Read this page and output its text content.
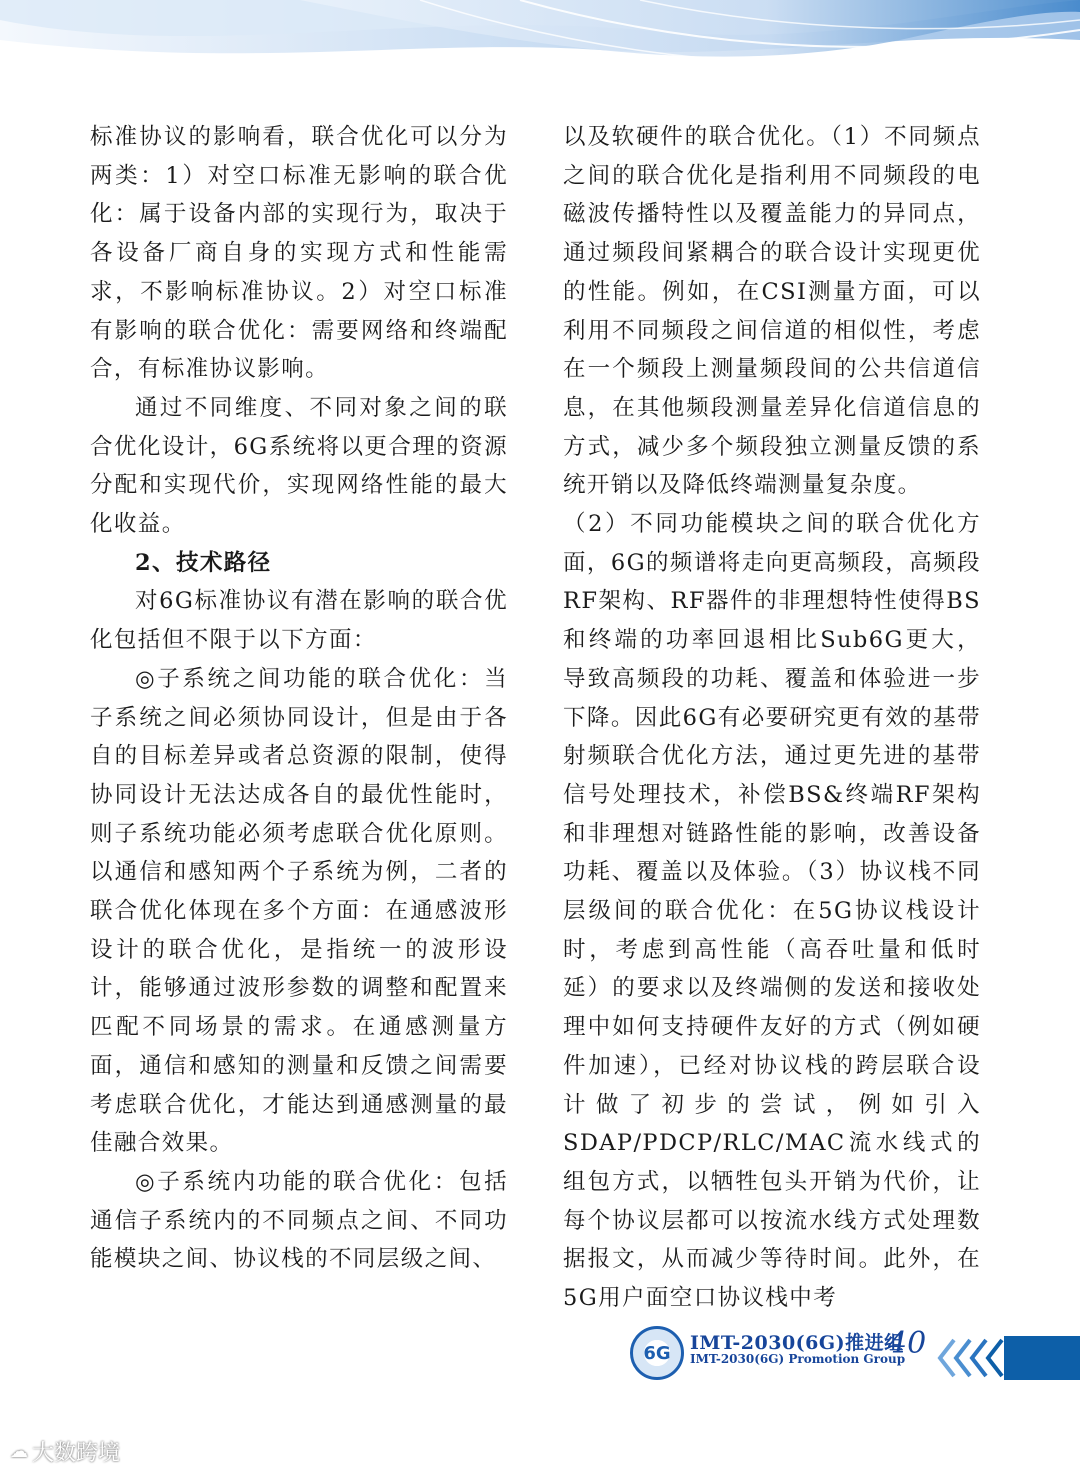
标准协议的影响看，联合优化可以分为两类：1）对空口标准无影响的联合优化：属于设备内部的实现行为，取决于各设备厂商自身的实现方式和性能需求，不影响标准协议。2）对空口标准有影响的联合优化：需要网络和终端配合，有标准协议影响。

通过不同维度、不同对象之间的联合优化设计，6G系统将以更合理的资源分配和实现代价，实现网络性能的最大化收益。

2、技术路径

对6G标准协议有潜在影响的联合优化包括但不限于以下方面：

◎子系统之间功能的联合优化：当子系统之间必须协同设计，但是由于各自的目标差异或者总资源的限制，使得协同设计无法达成各自的最优性能时，则子系统功能必须考虑联合优化原则。以通信和感知两个子系统为例，二者的联合优化体现在多个方面：在通感波形设计的联合优化，是指统一的波形设计，能够通过波形参数的调整和配置来匹配不同场景的需求。在通感测量方面，通信和感知的测量和反馈之间需要考虑联合优化，才能达到通感测量的最佳融合效果。

◎子系统内功能的联合优化：包括通信子系统内的不同频点之间、不同功能模块之间、协议栈的不同层级之间、

以及软硬件的联合优化。（1）不同频点之间的联合优化是指利用不同频段的电磁波传播特性以及覆盖能力的异同点，通过频段间紧耦合的联合设计实现更优的性能。例如，在CSI测量方面，可以利用不同频段之间信道的相似性，考虑在一个频段上测量频段间的公共信道信息，在其他频段测量差异化信道信息的方式，减少多个频段独立测量反馈的系统开销以及降低终端测量复杂度。

（2）不同功能模块之间的联合优化方面，6G的频谱将走向更高频段，高频段RF架构、RF器件的非理想特性使得BS和终端的功率回退相比Sub6G更大，导致高频段的功耗、覆盖和体验进一步下降。因此6G有必要研究更有效的基带射频联合优化方法，通过更先进的基带信号处理技术，补偿BS&终端RF架构和非理想对链路性能的影响，改善设备功耗、覆盖以及体验。（3）协议栈不同层级间的联合优化：在5G协议栈设计时，考虑到高性能（高吞吐量和低时延）的要求以及终端侧的发送和接收处理中如何支持硬件友好的方式（例如硬件加速），已经对协议栈的跨层联合设计做了初步的尝试，例如引入SDAP/PDCP/RLC/MAC流水线式的组包方式，以牺牲包头开销为代价，让每个协议层都可以按流水线方式处理数据报文，从而减少等待时间。此外，在5G用户面空口协议栈中考

6G	IMT-2030(6G)推进组
IMT-2030(6G) Promotion Group
40
☁ 大数跨境
